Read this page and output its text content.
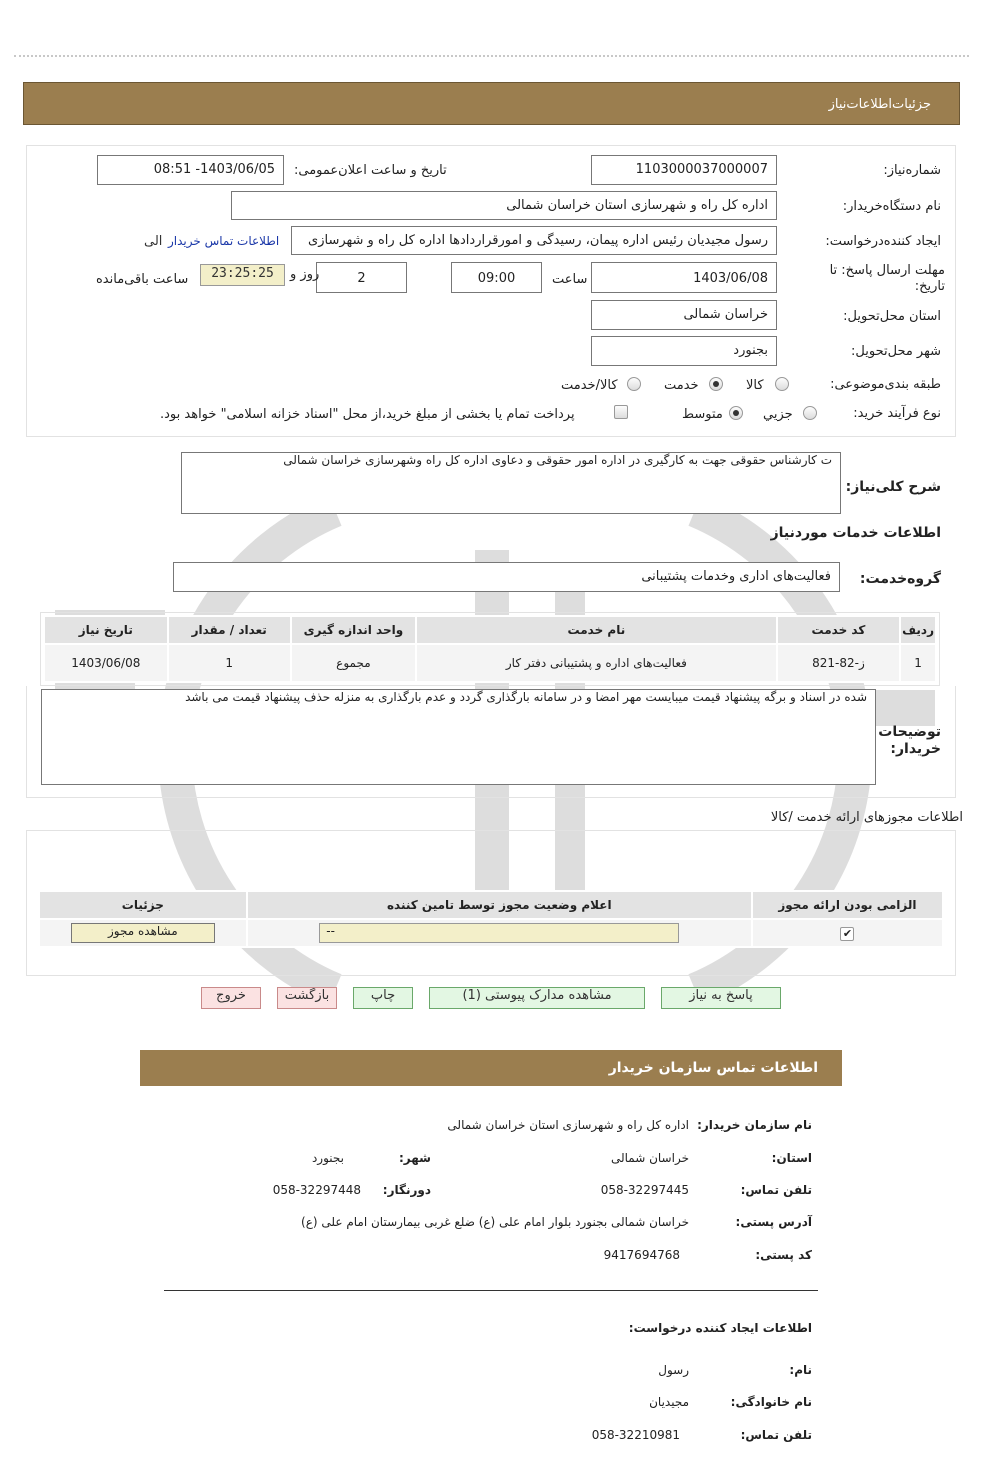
جزئیات‌اطلاعات‌نیاز
شماره‌نیاز:
1103000037000007
تاریخ و ساعت اعلان‌عمومی:
1403/06/05- 08:51
نام دستگاه‌خریدار:
اداره کل راه و شهرسازی استان خراسان شمالی
ایجاد کننده‌درخواست:
رسول مجیدیان رئیس اداره پیمان، رسیدگی و امورقراردادها اداره کل راه و شهرسازی
الی اطلاعات تماس خریدار
مهلت ارسال پاسخ: تا تاریخ:
1403/06/08
ساعت
09:00
2
روز و
23:25:25
ساعت باقی‌مانده
استان محل‌تحویل:
خراسان شمالی
شهر محل‌تحویل:
بجنورد
طبقه بندی‌موضوعی:
کالا
خدمت
کالا/خدمت
نوع فرآیند خرید:
جزیي
متوسط
پرداخت تمام یا بخشی از مبلغ خرید،از محل "اسناد خزانه اسلامی" خواهد بود.
شرح کلی‌نیاز:
ت کارشناس حقوقی جهت به کارگیری در اداره امور حقوقی و دعاوی اداره کل راه وشهرسازی خراسان شمالی
اطلاعات خدمات مورد‌نیاز
گروه‌خدمت:
فعالیت‌های اداری وخدمات پشتیبانی
ردیف	کد خدمت	نام خدمت	واحد اندازه گیری	تعداد / مقدار	تاریخ نیاز
1	ز-82-821	فعالیت‌های اداره و پشتیبانی دفتر کار	مجموع	1	1403/06/08
توضیحات خریدار:
شده در اسناد و برگه پیشنهاد قیمت میبایست مهر امضا و در سامانه بارگذاری گردد و عدم بارگذاری به منزله حذف پیشنهاد قیمت می باشد
اطلاعات مجوزهای ارائه خدمت /کالا
الزامی بودن ارائه مجوز	اعلام وضعیت مجوز توسط تامین کننده	جزئیات
✔	--	مشاهده مجوز
پاسخ به نیاز
مشاهده مدارک پیوستی (1)
چاپ
بازگشت
خروج
اطلاعات تماس سازمان خریدار
نام سازمان خریدار:
اداره کل راه و شهرسازی استان خراسان شمالی
استان:
خراسان شمالی
شهر:
بجنورد
تلفن تماس:
058-32297445
دورنگار:
058-32297448
آدرس پستی:
خراسان شمالی بجنورد بلوار امام علی (ع) ضلع غربی بیمارستان امام علی (ع)
کد پستی:
9417694768
اطلاعات ایجاد کننده درخواست:
نام:
رسول
نام خانوادگی:
مجیدیان
تلفن تماس:
058-32210981
